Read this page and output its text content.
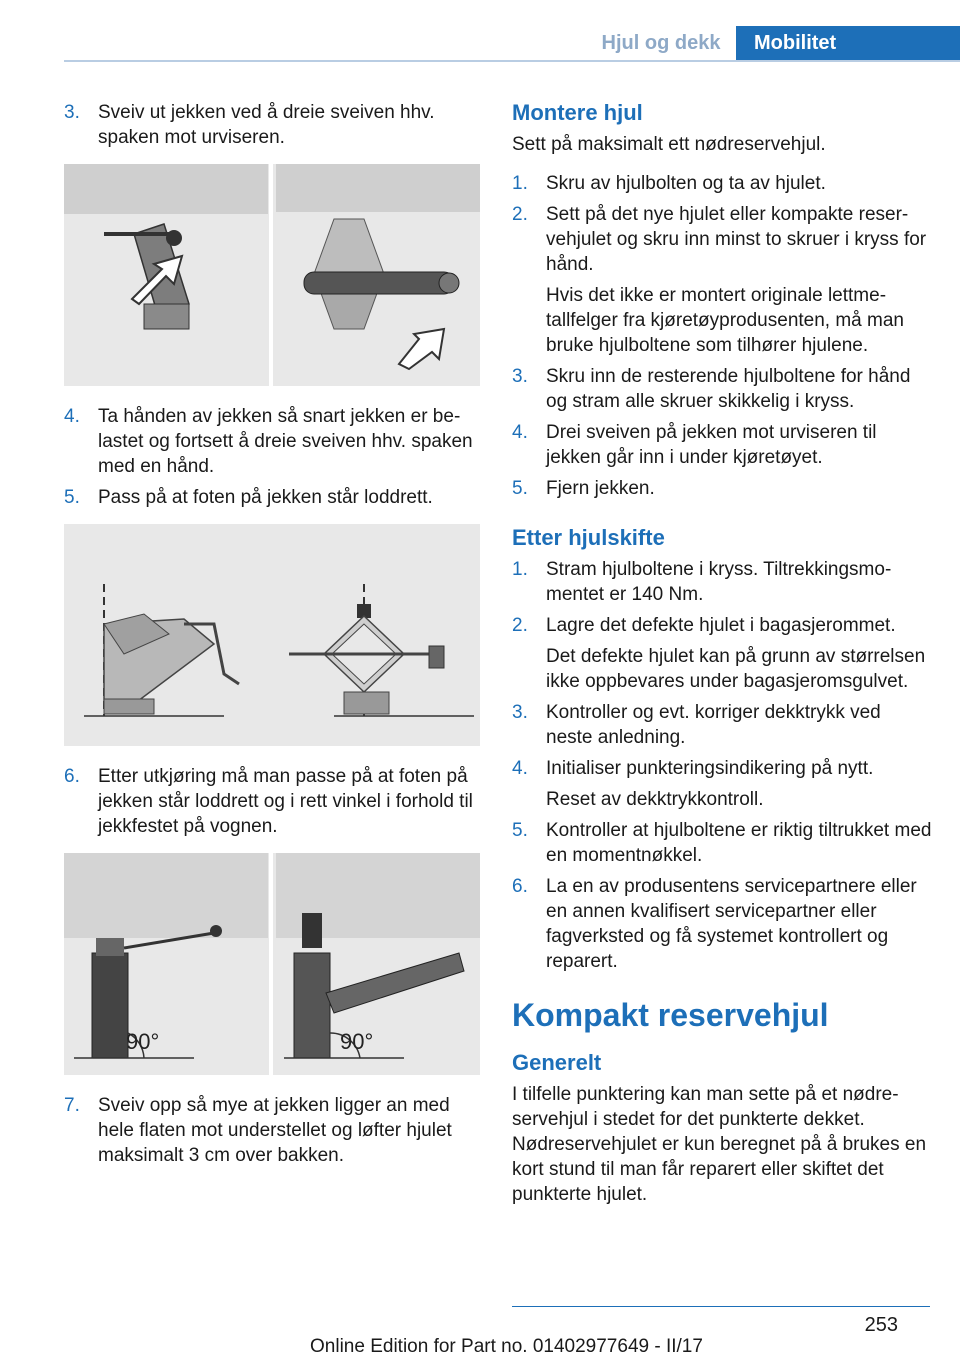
Hjul og dekk	Mobilitet
3. Sveiv ut jekken ved å dreie sveiven hhv. spaken mot urviseren.
4. Ta hånden av jekken så snart jekken er belastet og fortsett å dreie sveiven hhv. spaken med en hånd.
5. Pass på at foten på jekken står loddrett.
6. Etter utkjøring må man passe på at foten på jekken står loddrett og i rett vinkel i forhold til jekkfestet på vognen.
90°	90°
7. Sveiv opp så mye at jekken ligger an med hele flaten mot understellet og løfter hjulet maksimalt 3 cm over bakken.
Montere hjul

Sett på maksimalt ett nødreservehjul.

1. Skru av hjulbolten og ta av hjulet.
2. Sett på det nye hjulet eller kompakte reservehjulet og skru inn minst to skruer i kryss for hånd.
Hvis det ikke er montert originale lettmetallfelger fra kjøretøyprodusenten, må man bruke hjulboltene som tilhører hjulene.
3. Skru inn de resterende hjulboltene for hånd og stram alle skruer skikkelig i kryss.
4. Drei sveiven på jekken mot urviseren til jekken går inn i under kjøretøyet.
5. Fjern jekken.
Etter hjulskifte
1. Stram hjulboltene i kryss. Tiltrekkingsmomentet er 140 Nm.
2. Lagre det defekte hjulet i bagasjerommet.
Det defekte hjulet kan på grunn av størrelsen ikke oppbevares under bagasjeromsgulvet.
3. Kontroller og evt. korriger dekktrykk ved neste anledning.
4. Initialiser punkteringsindikering på nytt.
Reset av dekktrykkontroll.
5. Kontroller at hjulboltene er riktig tiltrukket med en momentnøkkel.
6. La en av produsentens servicepartnere eller en annen kvalifisert servicepartner eller fagverksted og få systemet kontrollert og reparert.
Kompakt reservehjul
Generelt

I tilfelle punktering kan man sette på et nødreservehjul i stedet for det punkterte dekket. Nødreservehjulet er kun beregnet på å brukes en kort stund til man får reparert eller skiftet det punkterte hjulet.

253
Online Edition for Part no. 01402977649 - II/17
